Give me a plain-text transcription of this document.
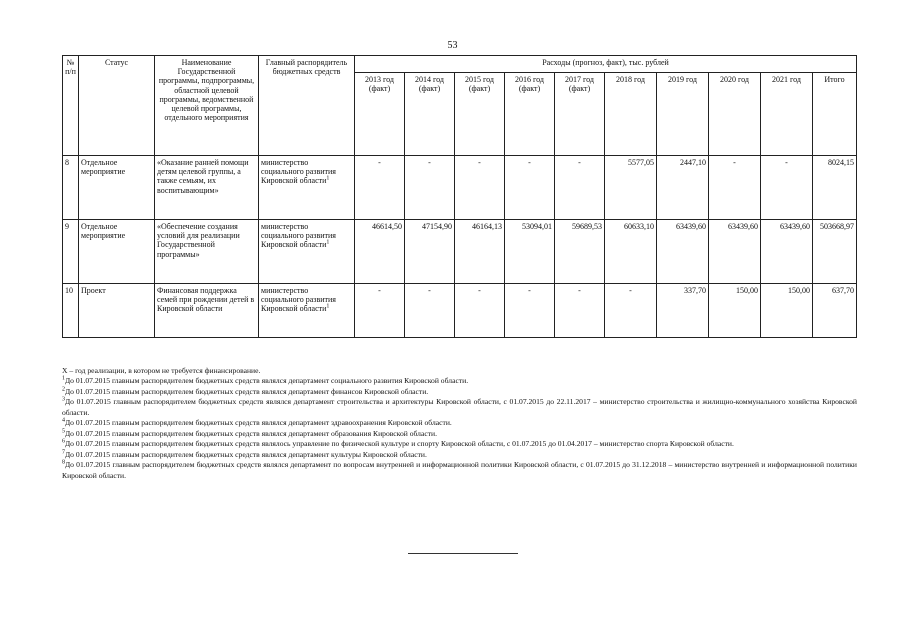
53
№ п/п	Статус	Наименование Государственной программы, подпрограммы, областной целевой программы, ведомственной целевой программы, отдельного мероприятия	Главный распорядитель бюджетных средств	Расходы (прогноз, факт), тыс. рублей									
				2013 год (факт)	2014 год (факт)	2015 год (факт)	2016 год (факт)	2017 год (факт)	2018 год	2019 год	2020 год	2021 год	Итого
8	Отдельное мероприятие	«Оказание ранней помощи детям целевой группы, а также семьям, их воспитывающим»	министерство социального развития Кировской области$^1$	-	-	-	-	-	5577,05	2447,10	-	-	8024,15
9	Отдельное мероприятие	«Обеспечение создания условий для реализации Государственной программы»	министерство социального развития Кировской области$^1$	46614,50	47154,90	46164,13	53094,01	59689,53	60633,10	63439,60	63439,60	63439,60	503668,97
10	Проект	Финансовая поддержка семей при рождении детей в Кировской области	министерство социального развития Кировской области$^1$	-	-	-	-	-	-	337,70	150,00	150,00	637,70

X – год реализации, в котором не требуется финансирование.

$^1$До 01.07.2015 главным распорядителем бюджетных средств являлся департамент социального развития Кировской области.

$^2$До 01.07.2015 главным распорядителем бюджетных средств являлся департамент финансов Кировской области.

$^3$До 01.07.2015 главным распорядителем бюджетных средств являлся департамент строительства и архитектуры Кировской области, с 01.07.2015 до 22.11.2017 – министерство строительства и жилищно-коммунального хозяйства Кировской области.

$^4$До 01.07.2015 главным распорядителем бюджетных средств являлся департамент здравоохранения Кировской области.

$^5$До 01.07.2015 главным распорядителем бюджетных средств являлся департамент образования Кировской области.

$^6$До 01.07.2015 главным распорядителем бюджетных средств являлось управление по физической культуре и спорту Кировской области, с 01.07.2015 до 01.04.2017 – министерство спорта Кировской области.

$^7$До 01.07.2015 главным распорядителем бюджетных средств являлся департамент культуры Кировской области.

$^8$До 01.07.2015 главным распорядителем бюджетных средств являлся департамент по вопросам внутренней и информационной политики Кировской области, с 01.07.2015 до 31.12.2018 – министерство внутренней и информационной политики Кировской области.
